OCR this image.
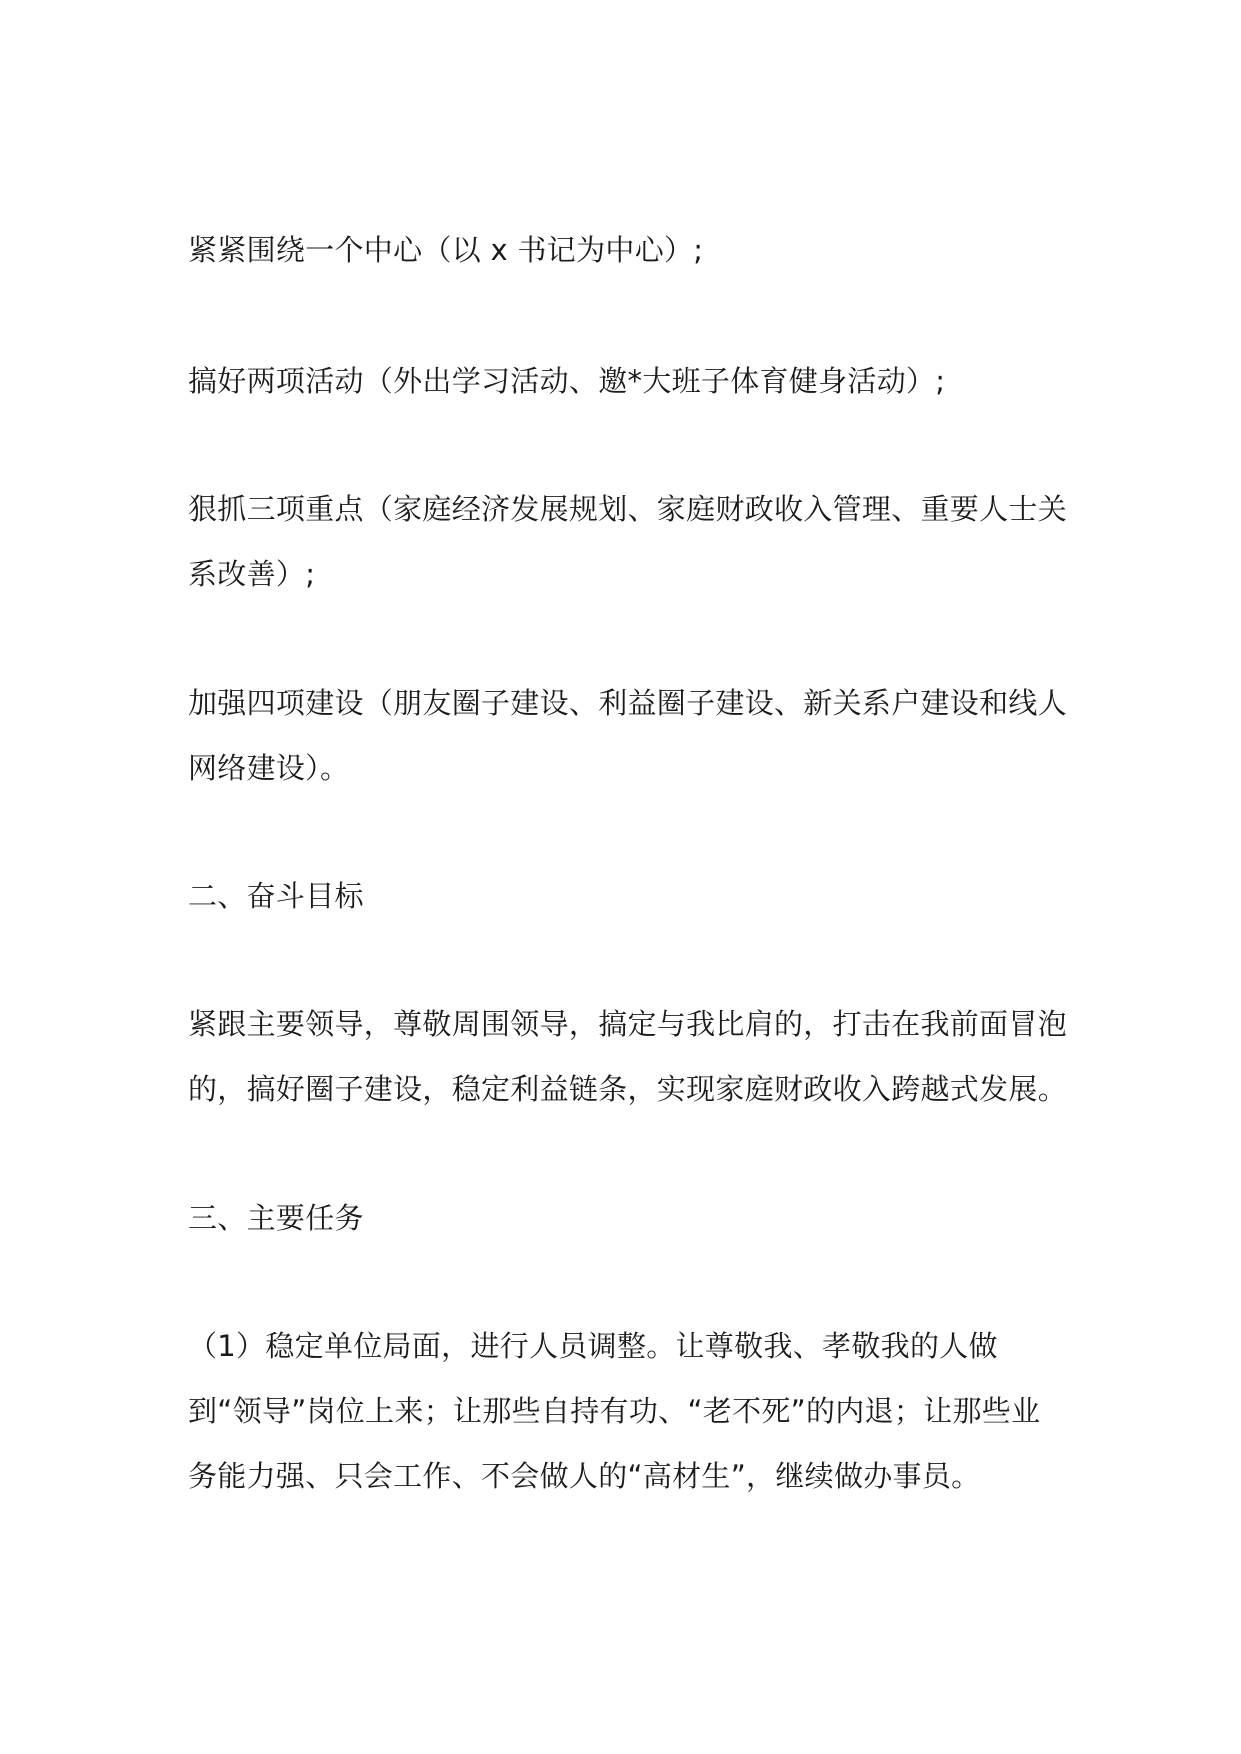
紧紧围绕一个中心（以 x 书记为中心）;

搞好两项活动（外出学习活动、邀*大班子体育健身活动）;

狠抓三项重点（家庭经济发展规划、家庭财政收入管理、重要人士关系改善）;

加强四项建设（朋友圈子建设、利益圈子建设、新关系户建设和线人网络建设）。

二、奋斗目标

紧跟主要领导，尊敬周围领导，搞定与我比肩的，打击在我前面冒泡的，搞好圈子建设，稳定利益链条，实现家庭财政收入跨越式发展。

三、主要任务

（1）稳定单位局面，进行人员调整。让尊敬我、孝敬我的人做到“领导”岗位上来；让那些自持有功、“老不死”的内退；让那些业务能力强、只会工作、不会做人的“高材生”，继续做办事员。
